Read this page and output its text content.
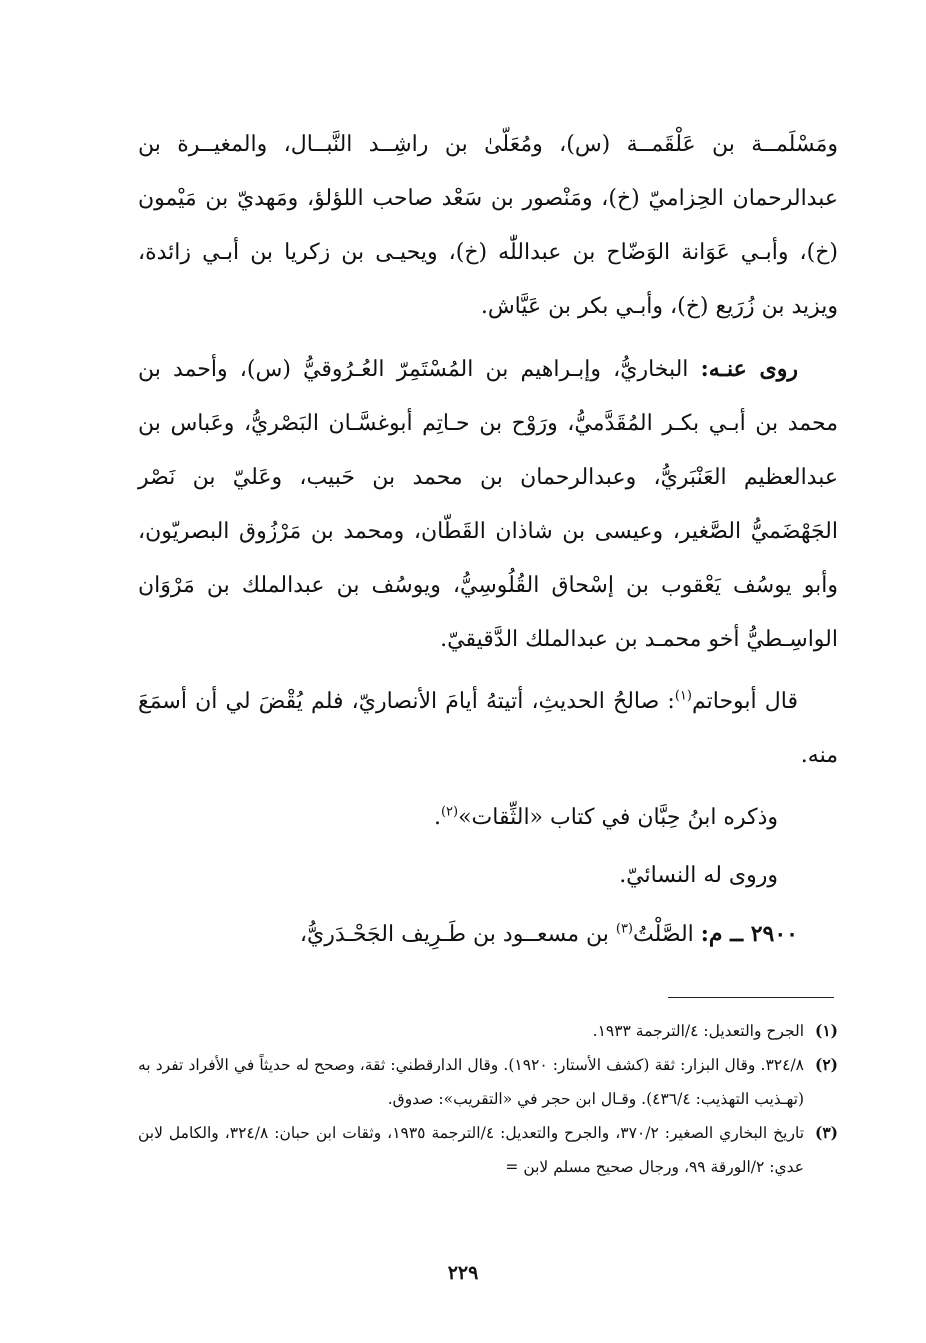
ومَسْلَمــة بن عَلْقَمــة (س)، ومُعَلّىٰ بن راشِــد النَّبــال، والمغيــرة بن عبدالرحمان الحِزاميّ (خ)، ومَنْصور بن سَعْد صاحب اللؤلؤ، ومَهديّ بن مَيْمون (خ)، وأبـي عَوَانة الوَضّاح بن عبداللّٰه (خ)، ويحيـى بن زكريا بن أبـي زائدة، ويزيد بن زُرَيع (خ)، وأبـي بكر بن عَيَّاش.

روى عنـه: البخاريُّ، وإبـراهيم بن المُسْتَمِرّ العُـرُوقيُّ (س)، وأحمد بن محمد بن أبـي بكـر المُقَدَّميُّ، ورَوْح بن حـاتِم أبوغسَّـان البَصْريُّ، وعَباس بن عبدالعظيم العَنْبَريُّ، وعبدالرحمان بن محمد بن حَبيب، وعَليّ بن نَصْر الجَهْضَميُّ الصَّغير، وعيسى بن شاذان القَطّان، ومحمد بن مَرْزُوق البصريّون، وأبو يوسُف يَعْقوب بن إسْحاق القُلُوسِيُّ، ويوسُف بن عبدالملك بن مَرْوَان الواسِـطيُّ أخو محمـد بن عبدالملك الدَّقيقيّ.

قال أبوحاتم$^{(١)}$: صالحُ الحديثِ، أتيتهُ أيامَ الأنصاريّ، فلم يُقْضَ لي أن أسمَعَ منه.

وذكره ابنُ حِبَّان في كتاب «الثِّقات»$^{(٢)}$.

وروى له النسائيّ.

٢٩٠٠ ــ م: الصَّلْتُ$^{(٣)}$ بن مسعــود بن طَـرِيف الجَحْـدَريُّ،

(١)
الجرح والتعديل: ٤/الترجمة ١٩٣٣.
(٢)
٣٢٤/٨. وقال البزار: ثقة (كشف الأستار: ١٩٢٠). وقال الدارقطني: ثقة، وصحح له حديثاً في الأفراد تفرد به (تهـذيب التهذيب: ٤٣٦/٤). وقـال ابن حجر في «التقريب»: صدوق.
(٣)
تاريخ البخاري الصغير: ٣٧٠/٢، والجرح والتعديل: ٤/الترجمة ١٩٣٥، وثقات ابن حبان: ٣٢٤/٨، والكامل لابن عدي: ٢/الورقة ٩٩، ورجال صحيح مسلم لابن =
٢٢٩
